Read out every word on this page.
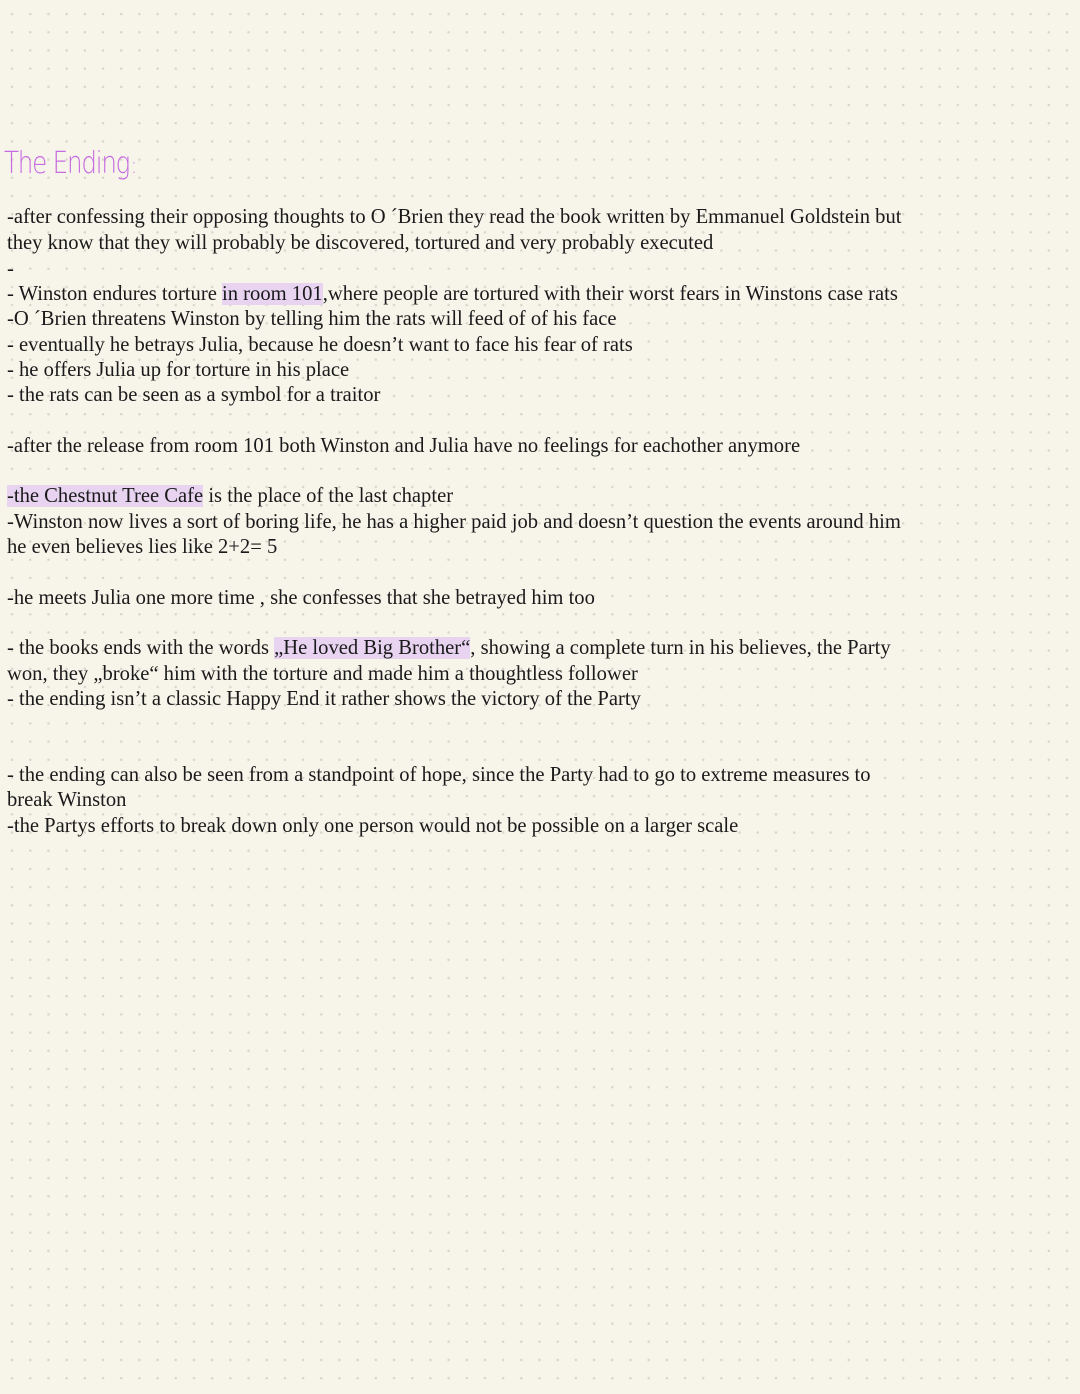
The Ending:
-after confessing their opposing thoughts to O ´Brien they read the book written by Emmanuel Goldstein but
they know that they will probably be discovered, tortured and very probably executed
-
- Winston endures torture in room 101,where people are tortured with their worst fears in Winstons case rats
-O ´Brien threatens Winston by telling him the rats will feed of of his face
- eventually he betrays Julia, because he doesn’t want to face his fear of rats
- he offers Julia up for torture in his place
- the rats can be seen as a symbol for a traitor
-after the release from room 101 both Winston and Julia have no feelings for eachother anymore
-the Chestnut Tree Cafe is the place of the last chapter
-Winston now lives a sort of boring life, he has a higher paid job and doesn’t question the events around him
he even believes lies like 2+2= 5
-he meets Julia one more time , she confesses that she betrayed him too
- the books ends with the words „He loved Big Brother“, showing a complete turn in his believes, the Party
won, they „broke“ him with the torture and made him a thoughtless follower
- the ending isn’t a classic Happy End it rather shows the victory of the Party
- the ending can also be seen from a standpoint of hope, since the Party had to go to extreme measures to
break Winston
-the Partys efforts to break down only one person would not be possible on a larger scale
